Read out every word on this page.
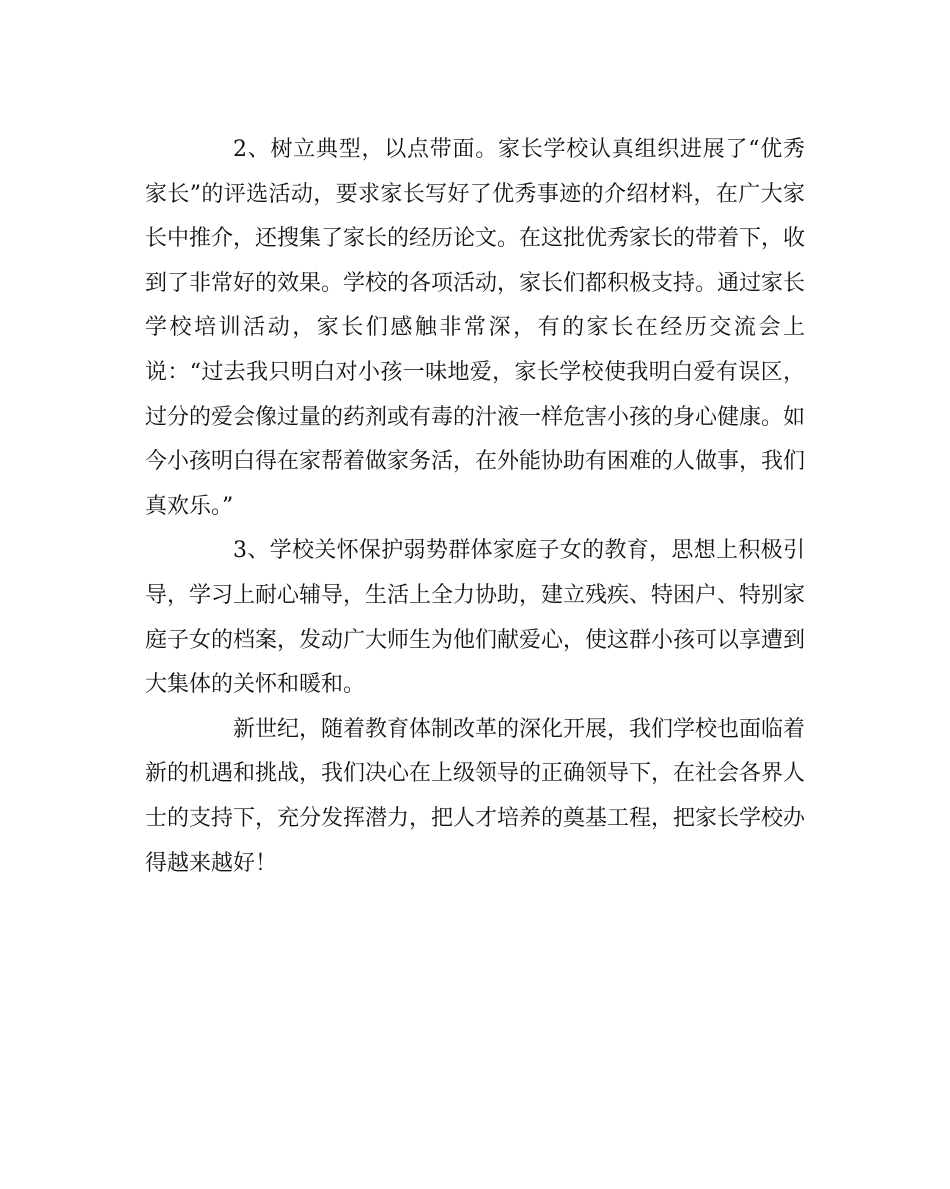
2、树立典型，以点带面。家长学校认真组织进展了“优秀家长”的评选活动，要求家长写好了优秀事迹的介绍材料，在广大家长中推介，还搜集了家长的经历论文。在这批优秀家长的带着下，收到了非常好的效果。学校的各项活动，家长们都积极支持。通过家长学校培训活动，家长们感触非常深，有的家长在经历交流会上说：“过去我只明白对小孩一味地爱，家长学校使我明白爱有误区，过分的爱会像过量的药剂或有毒的汁液一样危害小孩的身心健康。如今小孩明白得在家帮着做家务活，在外能协助有困难的人做事，我们真欢乐。”

3、学校关怀保护弱势群体家庭子女的教育，思想上积极引导，学习上耐心辅导，生活上全力协助，建立残疾、特困户、特别家庭子女的档案，发动广大师生为他们献爱心，使这群小孩可以享遭到大集体的关怀和暖和。

新世纪，随着教育体制改革的深化开展，我们学校也面临着新的机遇和挑战，我们决心在上级领导的正确领导下，在社会各界人士的支持下，充分发挥潜力，把人才培养的奠基工程，把家长学校办得越来越好！
